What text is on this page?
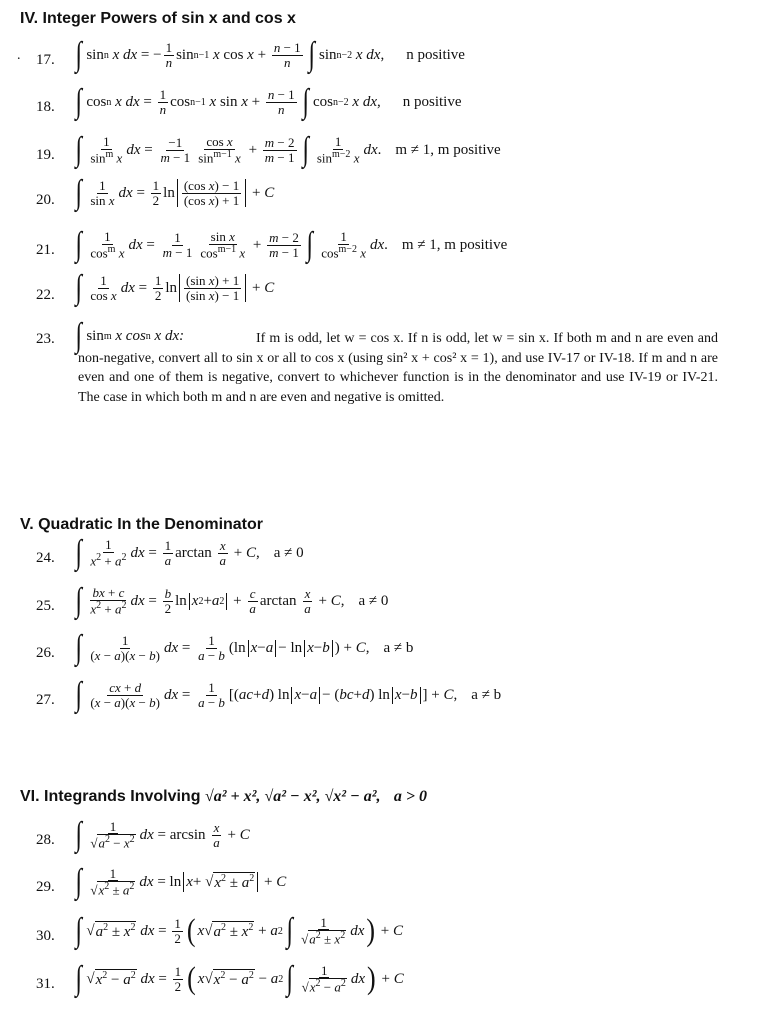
IV. Integer Powers of sin x and cos x
. 17. ∫ sin n
x dx = − $\frac{1}{n}$ sin n−1
x $\cos x + \frac{n - 1}{n}$ ∫ sin n−2
x dx , n positive
18. ∫ cos n
x dx = $\frac{1}{n}$ cos n−1
x $\sin x + \frac{n - 1}{n}$ ∫ cos n−2
x dx , n positive
19. ∫ $\frac{1}{\sin^m x}$ dx = $\frac{-1}{m - 1} \frac{\text{cos x}}{\sin^{m-1} x} + \frac{m - 2}{m - 1}$ ∫ $\frac{1}{\sin^{m-2} x}$ dx . m ≠ 1, m positive
20. ∫ $\frac{1}{\text{sin x}}$ dx = $\frac{1}{2}$ $\ln \frac{\text{(cos x) − 1}}{\text{(cos x) + 1}} + C$
21. ∫ $\frac{1}{\cos^m x}$ dx = $\frac{1}{m - 1} \frac{\text{sin x}}{\cos^{m-1} x} + \frac{m - 2}{m - 1}$ ∫ $\frac{1}{\cos^{m-2} x}$ dx . m ≠ 1, m positive
22. ∫ $\frac{1}{\text{cos x}}$ dx = $\frac{1}{2}$ $\ln \frac{\text{(sin x) + 1}}{\text{(sin x) − 1}} + C$
23. ∫ sin m
x cos n
x dx:	If m is odd, let w = cos x. If n is odd, let w = sin x. If both m and n are even and non-negative, convert all to sin x or all to cos x (using sin² x + cos² x = 1), and use IV-17 or IV-18. If m and n are even and one of them is negative, convert to whichever function is in the denominator and use IV-19 or IV-21. The case in which both m and n are even and negative is omitted.
V. Quadratic In the Denominator
24. ∫ $\frac{1}{x^2 + a^2}$ dx = $\frac{1}{a}$ $\arctan \frac{x}{a} + C$ , a ≠ 0
25. ∫ $\frac{bx + c}{x^2 + a^2}$ dx = $\frac{b}{2}$ ln x 2 + a $2 + \frac{c}{a}$ $\arctan \frac{x}{a} + C$ , a ≠ 0
26. ∫ $\frac{1}{(x - a)(x - b)}$ dx = $\frac{1}{a - b} (\ln$ x − a − ln x − b ) + C , a ≠ b
27. ∫ $\frac{cx + d}{(x - a)(x - b)}$ dx = $\frac{1}{a - b}$ [( ac + d ) ln x − a − ( bc + d ) ln x − b ] + C , a ≠ b
VI. Integrands Involving √a² + x², √a² − x², √x² − a², a > 0
28. ∫ $\frac{1}{√a^2 - x^2}$ dx = $\arcsin \frac{x}{a} + C$
29. ∫ $\frac{1}{√x^2 \pm a^2}$ dx = ln x + √ $x^2 \pm a^2 + C$
30. ∫ √ $a^2 \pm x^2$
dx = $\frac{1}{2}$ ( x √ $a^2 \pm x^2 + a$ 2 ∫ $\frac{1}{√a^2 \pm x^2}$ dx ) + C
31. ∫ √ $x^2 - a^2$
dx = $\frac{1}{2}$ ( x √ $x^2 - a^2 - a$ 2 ∫ $\frac{1}{√x^2 - a^2}$ dx ) + C
